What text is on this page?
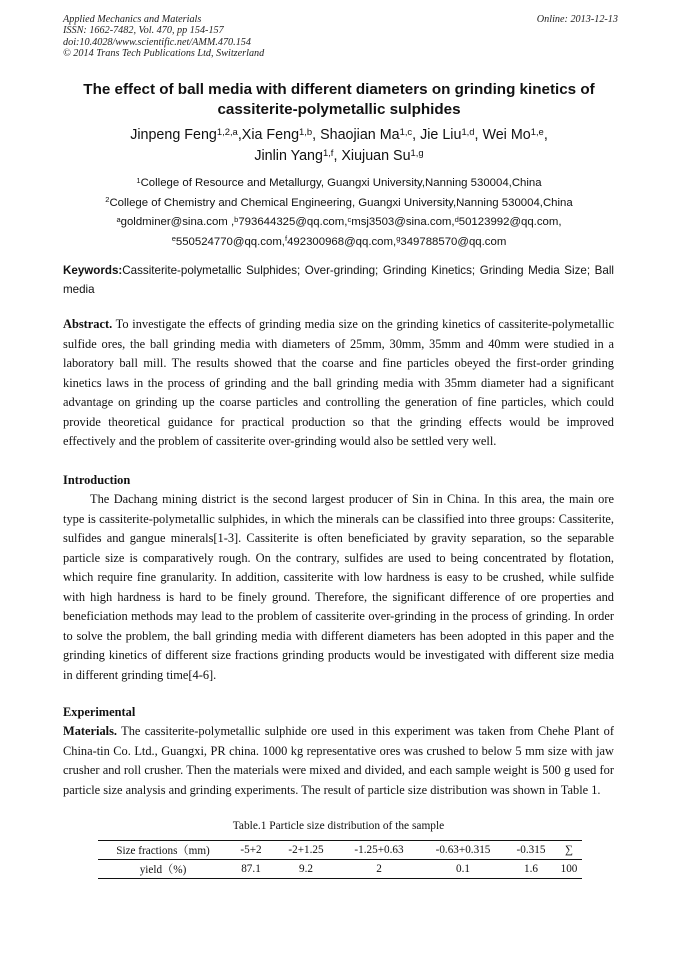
Applied Mechanics and Materials	Online: 2013-12-13
ISSN: 1662-7482, Vol. 470, pp 154-157
doi:10.4028/www.scientific.net/AMM.470.154
© 2014 Trans Tech Publications Ltd, Switzerland
The effect of ball media with different diameters on grinding kinetics of cassiterite-polymetallic sulphides
Jinpeng Feng$^{1,2,a}$,Xia Feng$^{1,b}$, Shaojian Ma$^{1,c}$, Jie Liu$^{1,d}$, Wei Mo$^{1,e}$,
Jinlin Yang$^{1,f}$, Xiujuan Su$^{1,g}$
$^1$College of Resource and Metallurgy, Guangxi University,Nanning 530004,China
$^2$College of Chemistry and Chemical Engineering, Guangxi University,Nanning 530004,China
$^a$goldminer@sina.com ,$^b$793644325@qq.com,$^c$msj3503@sina.com,$^d$50123992@qq.com,
$^e$550524770@qq.com,$^f$492300968@qq.com,$^g$349788570@qq.com
Keywords:Cassiterite-polymetallic Sulphides; Over-grinding; Grinding Kinetics; Grinding Media Size; Ball media
Abstract. To investigate the effects of grinding media size on the grinding kinetics of cassiterite-polymetallic sulfide ores, the ball grinding media with diameters of 25mm, 30mm, 35mm and 40mm were studied in a laboratory ball mill. The results showed that the coarse and fine particles obeyed the first-order grinding kinetics laws in the process of grinding and the ball grinding media with 35mm diameter had a significant advantage on grinding up the coarse particles and controlling the generation of fine particles, which could provide theoretical guidance for practical production so that the grinding effects would be improved effectively and the problem of cassiterite over-grinding would also be settled very well.
Introduction
The Dachang mining district is the second largest producer of Sin in China. In this area, the main ore type is cassiterite-polymetallic sulphides, in which the minerals can be classified into three groups: Cassiterite, sulfides and gangue minerals[1-3]. Cassiterite is often beneficiated by gravity separation, so the separable particle size is comparatively rough. On the contrary, sulfides are used to being concentrated by flotation, which require fine granularity. In addition, cassiterite with low hardness is easy to be crushed, while sulfide with high hardness is hard to be finely ground. Therefore, the significant difference of ore properties and beneficiation methods may lead to the problem of cassiterite over-grinding in the process of grinding. In order to solve the problem, the ball grinding media with different diameters has been adopted in this paper and the grinding kinetics of different size fractions grinding products would be investigated with different size media in different grinding time[4-6].
Experimental
Materials. The cassiterite-polymetallic sulphide ore used in this experiment was taken from Chehe Plant of China-tin Co. Ltd., Guangxi, PR china. 1000 kg representative ores was crushed to below 5 mm size with jaw crusher and roll crusher. Then the materials were mixed and divided, and each sample weight is 500 g used for particle size analysis and grinding experiments. The result of particle size distribution was shown in Table 1.
Table.1 Particle size distribution of the sample
Size fractions（mm)	-5+2	-2+1.25	-1.25+0.63	-0.63+0.315	-0.315	∑
yield（%)	87.1	9.2	2	0.1	1.6	100
